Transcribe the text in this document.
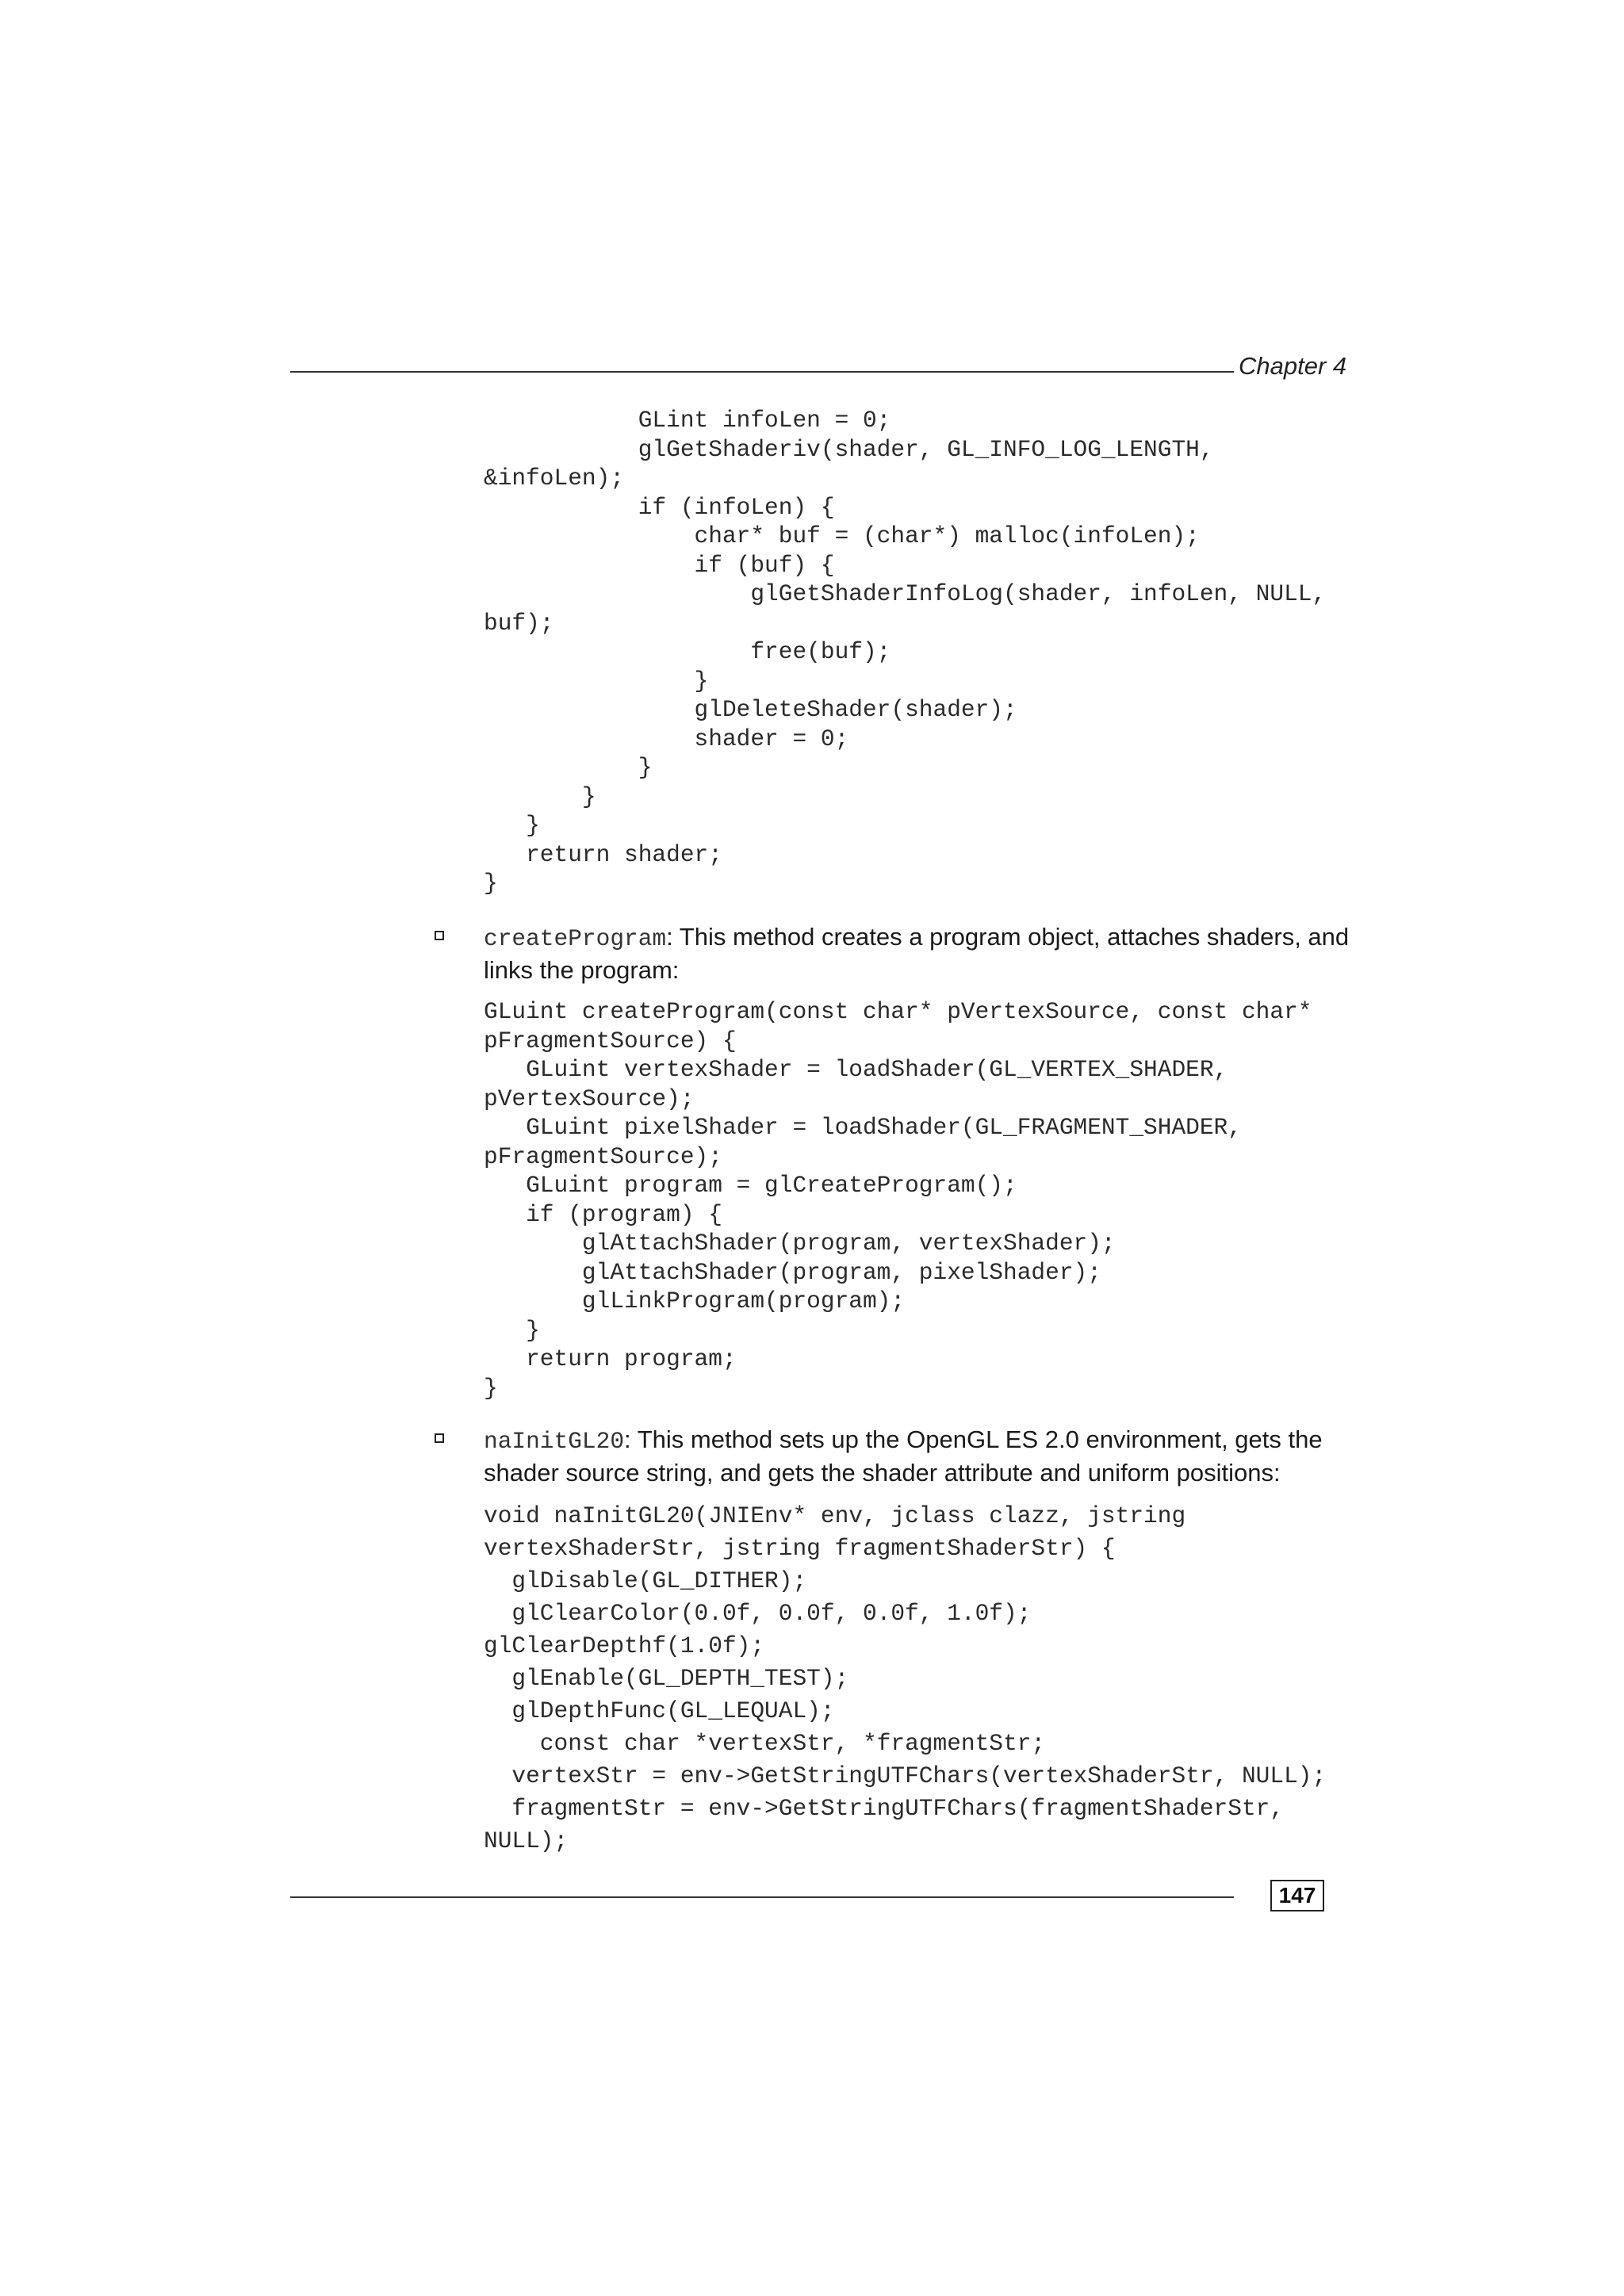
Chapter 4
GLint infoLen = 0;
glGetShaderiv(shader, GL_INFO_LOG_LENGTH,
&infoLen);
if (infoLen) {
char* buf = (char*) malloc(infoLen);
if (buf) {
glGetShaderInfoLog(shader, infoLen, NULL,
buf);
free(buf);
}
glDeleteShader(shader);
shader = 0;
}
}
}
return shader;
}
createProgram: This method creates a program object, attaches shaders, and links the program:
GLuint createProgram(const char* pVertexSource, const char*
pFragmentSource) {
GLuint vertexShader = loadShader(GL_VERTEX_SHADER,
pVertexSource);
GLuint pixelShader = loadShader(GL_FRAGMENT_SHADER,
pFragmentSource);
GLuint program = glCreateProgram();
if (program) {
glAttachShader(program, vertexShader);
glAttachShader(program, pixelShader);
glLinkProgram(program);
}
return program;
}
naInitGL20: This method sets up the OpenGL ES 2.0 environment, gets the shader source string, and gets the shader attribute and uniform positions:
void naInitGL20(JNIEnv* env, jclass clazz, jstring
vertexShaderStr, jstring fragmentShaderStr) {
glDisable(GL_DITHER);
glClearColor(0.0f, 0.0f, 0.0f, 1.0f);
glClearDepthf(1.0f);
glEnable(GL_DEPTH_TEST);
glDepthFunc(GL_LEQUAL);
const char *vertexStr, *fragmentStr;
vertexStr = env->GetStringUTFChars(vertexShaderStr, NULL);
fragmentStr = env->GetStringUTFChars(fragmentShaderStr,
NULL);
147
